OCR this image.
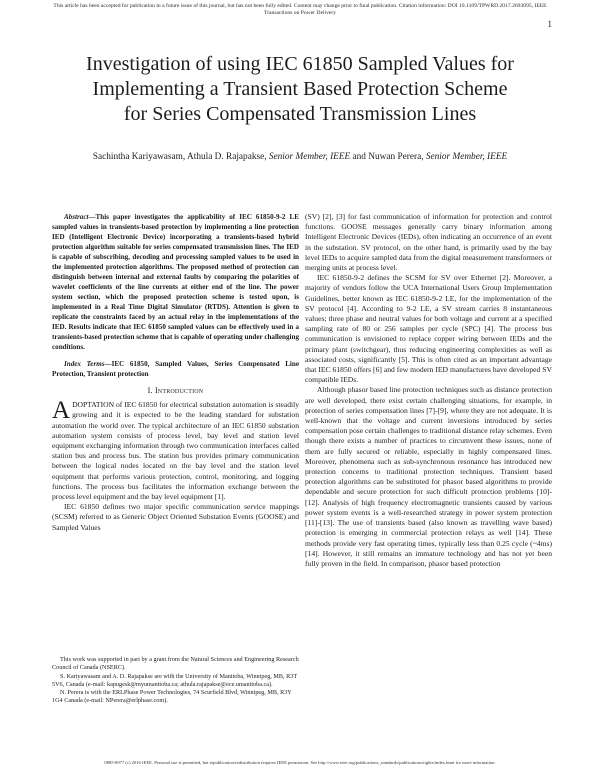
This article has been accepted for publication in a future issue of this journal, but has not been fully edited. Content may change prior to final publication. Citation information: DOI 10.1109/TPWRD.2017.2693095, IEEE
Transactions on Power Delivery
1
Investigation of using IEC 61850 Sampled Values for
Implementing a Transient Based Protection Scheme
for Series Compensated Transmission Lines
Sachintha Kariyawasam, Athula D. Rajapakse, Senior Member, IEEE and Nuwan Perera, Senior Member, IEEE

Abstract—This paper investigates the applicability of IEC 61850-9-2 LE sampled values in transients-based protection by implementing a line protection IED (Intelligent Electronic Device) incorporating a transients-based hybrid protection algorithm suitable for series compensated transmission lines. The IED is capable of subscribing, decoding and processing sampled values to be used in the implemented protection algorithms. The proposed method of protection can distinguish between internal and external faults by comparing the polarities of wavelet coefficients of the line currents at either end of the line. The power system section, which the proposed protection scheme is tested upon, is implemented in a Real Time Digital Simulator (RTDS). Attention is given to replicate the constraints faced by an actual relay in the implementations of the IED. Results indicate that IEC 61850 sampled values can be effectively used in a transients-based protection scheme that is capable of operating under challenging conditions.

Index Terms—IEC 61850, Sampled Values, Series Compensated Line Protection, Transient protection

I. Introduction

ADOPTATION of IEC 61850 for electrical substation automation is steadily growing and it is expected to be the leading standard for substation automation the world over. The typical architecture of an IEC 61850 substation automation system consists of process level, bay level and station level equipment exchanging information through two communication interfaces called station bus and process bus. The station bus provides primary communication between the logical nodes located on the bay level and the station level equipment that performs various protection, control, monitoring, and logging functions. The process bus facilitates the information exchange between the process level equipment and the bay level equipment [1].

IEC 61850 defines two major specific communication service mappings (SCSM) referred to as Generic Object Oriented Substation Events (GOOSE) and Sampled Values

This work was supported in part by a grant from the Natural Sciences and Engineering Research Council of Canada (NSERC).

S. Kariyawasam and A. D. Rajapakse are with the University of Manitoba, Winnipeg, MB, R3T 5V6, Canada (e-mail: kapugesk@myumanitoba.ca; athula.rajapakse@ece.umanitoba.ca).

N. Perera is with the ERLPhase Power Technologies, 74 Scurfield Blvd, Winnipeg, MB, R3Y 1G4 Canada (e-mail: NPerera@erlphase.com).

(SV) [2], [3] for fast communication of information for protection and control functions. GOOSE messages generally carry binary information among Intelligent Electronic Devices (IEDs), often indicating an occurrence of an event in the substation. SV protocol, on the other hand, is primarily used by the bay level IEDs to acquire sampled data from the digital measurement transformers or merging units at process level.

IEC 61850-9-2 defines the SCSM for SV over Ethernet [2]. Moreover, a majority of vendors follow the UCA International Users Group Implementation Guidelines, better known as IEC 61850-9-2 LE, for the implementation of the SV protocol [4]. According to 9-2 LE, a SV stream carries 8 instantaneous values; three phase and neutral values for both voltage and current at a specified sampling rate of 80 or 256 samples per cycle (SPC) [4]. The process bus communication is envisioned to replace copper wiring between IEDs and the primary plant (switchgear), thus reducing engineering complexities as well as associated costs, significantly [5]. This is often cited as an important advantage that IEC 61850 offers [6] and few modern IED manufactures have developed SV compatible IEDs.

Although phasor based line protection techniques such as distance protection are well developed, there exist certain challenging situations, for example, in protection of series compensation lines [7]-[9], where they are not adequate. It is well-known that the voltage and current inversions introduced by series compensation pose certain challenges to traditional distance relay schemes. Even though there exists a number of practices to circumvent these issues, none of them are fully secured or reliable, especially in highly compensated lines. Moreover, phenomena such as sub-synchronous resonance has introduced new protection concerns to traditional protection techniques. Transient based protection algorithms can be substituted for phasor based algorithms to provide dependable and secure protection for such difficult protection problems [10]-[12]. Analysis of high frequency electromagnetic transients caused by various power system events is a well-researched strategy in power system protection [11]-[13]. The use of transients based (also known as travelling wave based) protection is emerging in commercial protection relays as well [14]. These methods provide very fast operating times, typically less than 0.25 cycle (~4ms) [14]. However, it still remains an immature technology and has not yet been fully proven in the field. In comparison, phasor based protection

0885-8977 (c) 2016 IEEE. Personal use is permitted, but republication/redistribution requires IEEE permission. See http://www.ieee.org/publications_standards/publications/rights/index.html for more information.
